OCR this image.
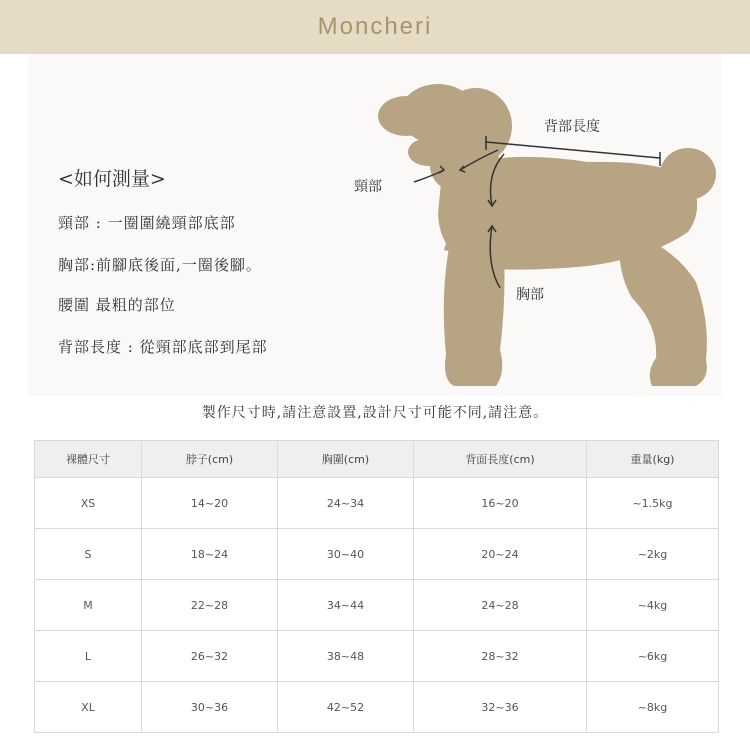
Moncheri
<如何測量>
頸部 : 一圈圍繞頸部底部
胸部:前腳底後面,一圈後腳。
腰圍 最粗的部位
背部長度 : 從頸部底部到尾部
背部長度
頸部
胸部
製作尺寸時,請注意設置,設計尺寸可能不同,請注意。
裸體尺寸	脖子(cm)	胸圍(cm)	背面長度(cm)	重量(kg)
XS	14~20	24~34	16~20	~1.5kg
S	18~24	30~40	20~24	~2kg
M	22~28	34~44	24~28	~4kg
L	26~32	38~48	28~32	~6kg
XL	30~36	42~52	32~36	~8kg
